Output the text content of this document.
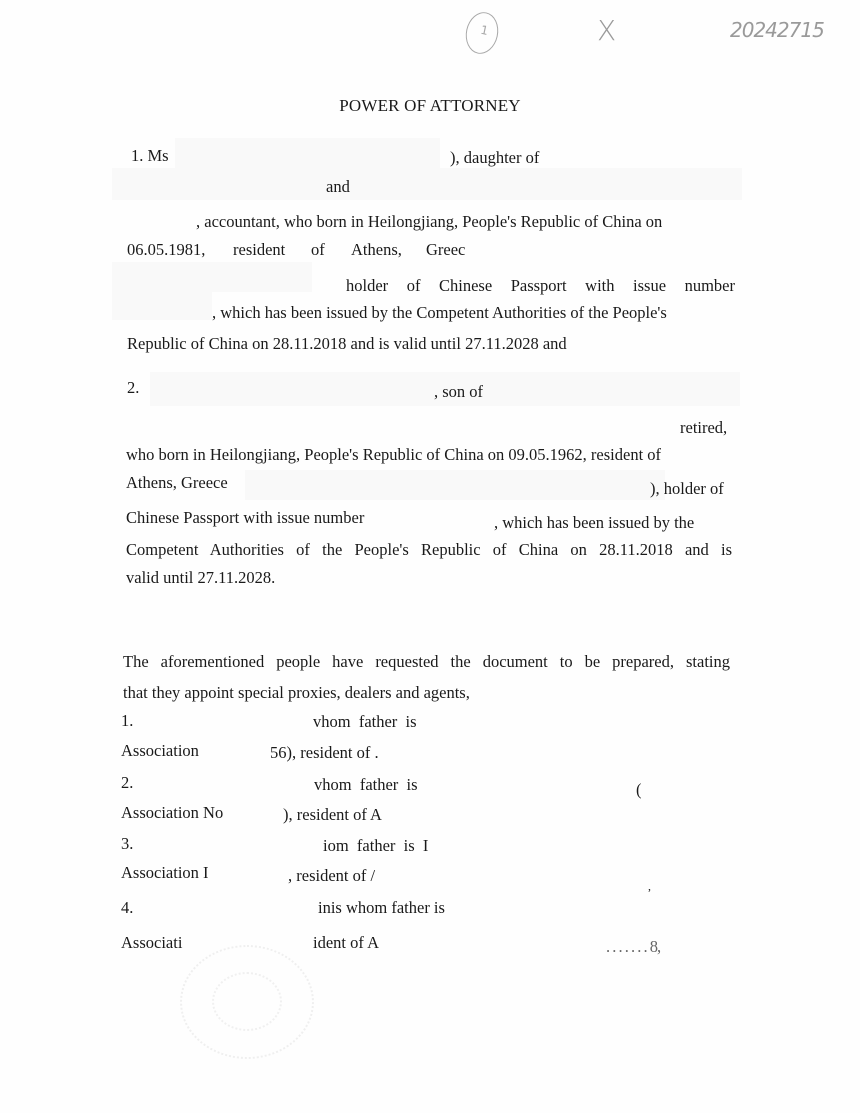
1	X	20242715
POWER OF ATTORNEY
1. Ms	), daughter of
and
, accountant, who born in Heilongjiang, People's Republic of China on
06.05.1981, resident of Athens, Greec
holder of Chinese Passport with issue number
, which has been issued by the Competent Authorities of the People's
Republic of China on 28.11.2018 and is valid until 27.11.2028 and
2.	, son of
retired,
who born in Heilongjiang, People's Republic of China on 09.05.1962, resident of
Athens, Greece	), holder of
Chinese Passport with issue number	, which has been issued by the
Competent Authorities of the People's Republic of China on 28.11.2018 and is
valid until 27.11.2028.
The aforementioned people have requested the document to be prepared, stating
that they appoint special proxies, dealers and agents,
1.	vhom  father  is
Association	56), resident of .
2.	vhom  father  is	(
Association No	), resident of A
3.	iom  father  is  I
Association I	, resident of /
,
4.	inis whom father is
Associati	ident of A	. . . . . . . 8,
